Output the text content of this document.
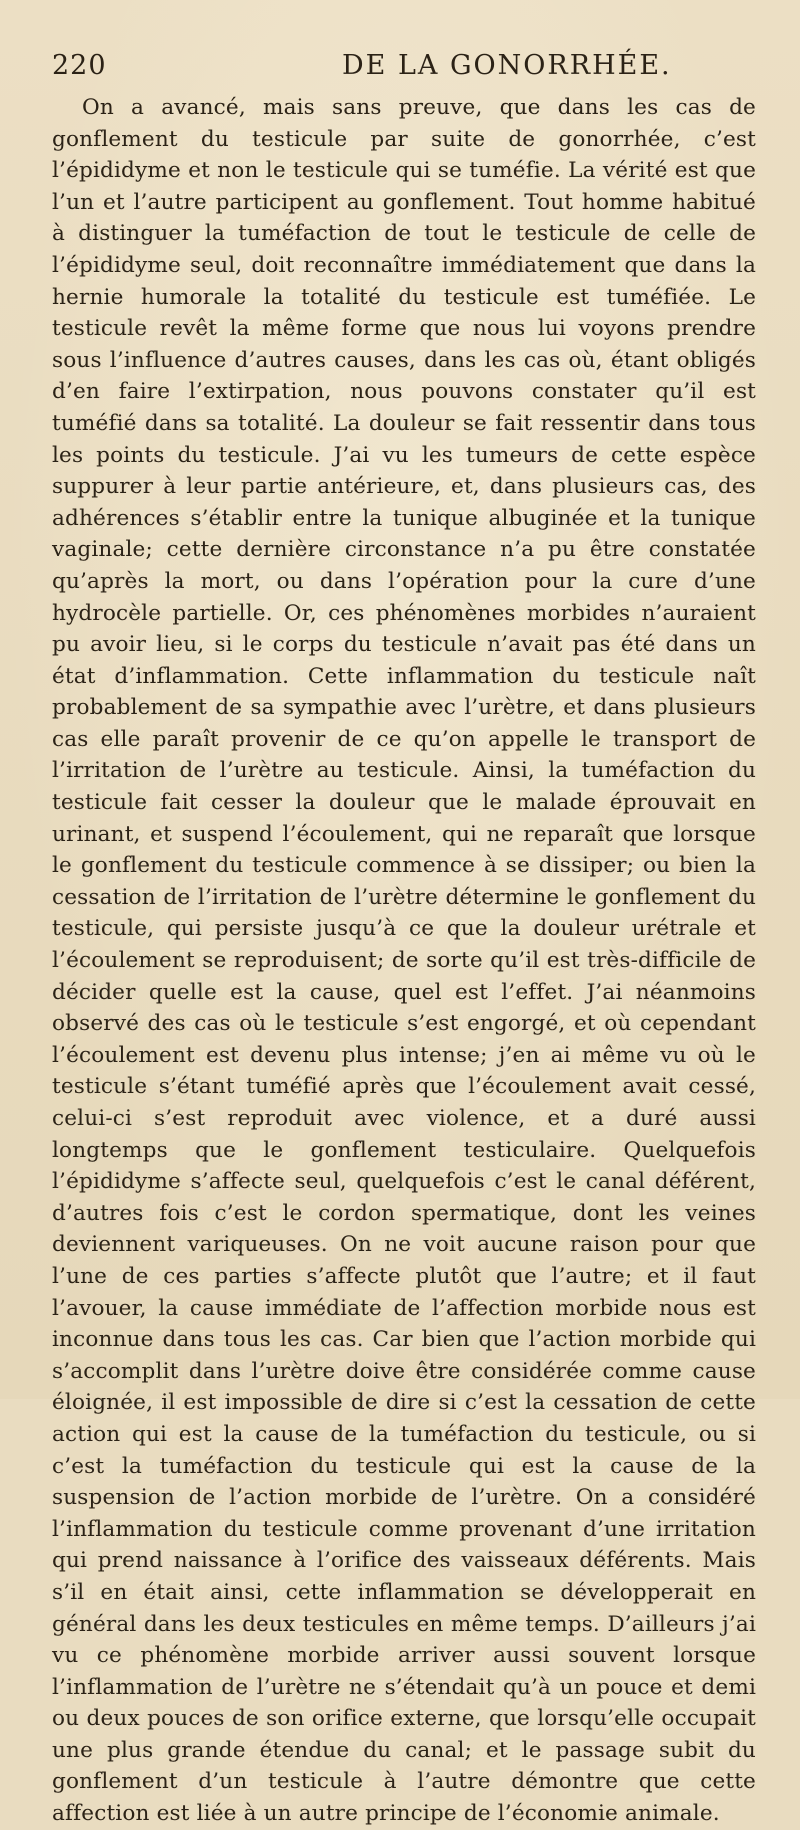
220	DE LA GONORRHÉE.

On a avancé, mais sans preuve, que dans les cas de gonflement du testicule par suite de gonorrhée, c’est l’épididyme et non le testicule qui se tuméfie. La vérité est que l’un et l’autre participent au gonflement. Tout homme habitué à distinguer la tuméfaction de tout le testicule de celle de l’épididyme seul, doit reconnaître immédiatement que dans la hernie humorale la totalité du testicule est tuméfiée. Le testicule revêt la même forme que nous lui voyons prendre sous l’influence d’autres causes, dans les cas où, étant obligés d’en faire l’extirpation, nous pouvons constater qu’il est tuméfié dans sa totalité. La douleur se fait ressentir dans tous les points du testicule. J’ai vu les tumeurs de cette espèce suppurer à leur partie antérieure, et, dans plusieurs cas, des adhérences s’établir entre la tunique albuginée et la tunique vaginale; cette dernière circonstance n’a pu être constatée qu’après la mort, ou dans l’opération pour la cure d’une hydrocèle partielle. Or, ces phénomènes morbides n’auraient pu avoir lieu, si le corps du testicule n’avait pas été dans un état d’inflammation. Cette inflammation du testicule naît probablement de sa sympathie avec l’urètre, et dans plusieurs cas elle paraît provenir de ce qu’on appelle le transport de l’irritation de l’urètre au testicule. Ainsi, la tuméfaction du testicule fait cesser la douleur que le malade éprouvait en urinant, et suspend l’écoulement, qui ne reparaît que lorsque le gonflement du testicule commence à se dissiper; ou bien la cessation de l’irritation de l’urètre détermine le gonflement du testicule, qui persiste jusqu’à ce que la douleur urétrale et l’écoulement se reproduisent; de sorte qu’il est très-difficile de décider quelle est la cause, quel est l’effet. J’ai néanmoins observé des cas où le testicule s’est engorgé, et où cependant l’écoulement est devenu plus intense; j’en ai même vu où le testicule s’étant tuméfié après que l’écoulement avait cessé, celui-ci s’est reproduit avec violence, et a duré aussi longtemps que le gonflement testiculaire. Quelquefois l’épididyme s’affecte seul, quelquefois c’est le canal déférent, d’autres fois c’est le cordon spermatique, dont les veines deviennent variqueuses. On ne voit aucune raison pour que l’une de ces parties s’affecte plutôt que l’autre; et il faut l’avouer, la cause immédiate de l’affection morbide nous est inconnue dans tous les cas. Car bien que l’action morbide qui s’accomplit dans l’urètre doive être considérée comme cause éloignée, il est impossible de dire si c’est la cessation de cette action qui est la cause de la tuméfaction du testicule, ou si c’est la tuméfaction du testicule qui est la cause de la suspension de l’action morbide de l’urètre. On a considéré l’inflammation du testicule comme provenant d’une irritation qui prend naissance à l’orifice des vaisseaux déférents. Mais s’il en était ainsi, cette inflammation se développerait en général dans les deux testicules en même temps. D’ailleurs j’ai vu ce phénomène morbide arriver aussi souvent lorsque l’inflammation de l’urètre ne s’étendait qu’à un pouce et demi ou deux pouces de son orifice externe, que lorsqu’elle occupait une plus grande étendue du canal; et le passage subit du gonflement d’un testicule à l’autre démontre que cette affection est liée à un autre principe de l’économie animale.
